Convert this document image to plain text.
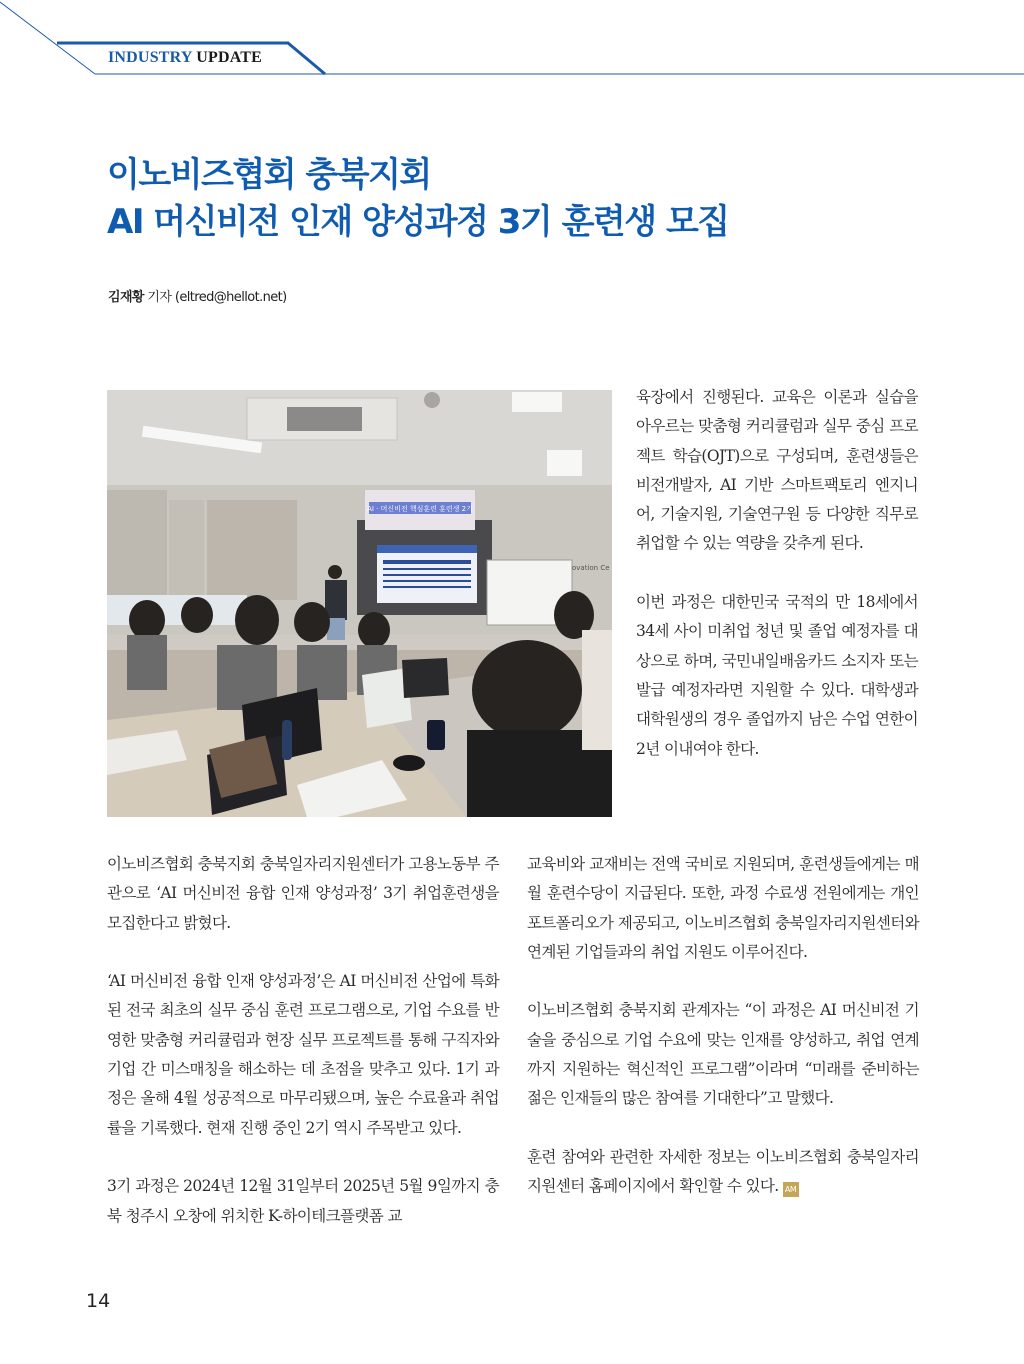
INDUSTRY UPDATE
이노비즈협회 충북지회
AI 머신비전 인재 양성과정 3기 훈련생 모집
김재황 기자 (eltred@hellot.net)
AI · 머신비전 핵심훈련 훈련생 2기
ovation Ce

육장에서 진행된다. 교육은 이론과 실습을 아우르는 맞춤형 커리큘럼과 실무 중심 프로젝트 학습(OJT)으로 구성되며, 훈련생들은 비전개발자, AI 기반 스마트팩토리 엔지니어, 기술지원, 기술연구원 등 다양한 직무로 취업할 수 있는 역량을 갖추게 된다.

이번 과정은 대한민국 국적의 만 18세에서 34세 사이 미취업 청년 및 졸업 예정자를 대상으로 하며, 국민내일배움카드 소지자 또는 발급 예정자라면 지원할 수 있다. 대학생과 대학원생의 경우 졸업까지 남은 수업 연한이 2년 이내여야 한다.

이노비즈협회 충북지회 충북일자리지원센터가 고용노동부 주관으로 ‘AI 머신비전 융합 인재 양성과정’ 3기 취업훈련생을 모집한다고 밝혔다.

‘AI 머신비전 융합 인재 양성과정’은 AI 머신비전 산업에 특화된 전국 최초의 실무 중심 훈련 프로그램으로, 기업 수요를 반영한 맞춤형 커리큘럼과 현장 실무 프로젝트를 통해 구직자와 기업 간 미스매칭을 해소하는 데 초점을 맞추고 있다. 1기 과정은 올해 4월 성공적으로 마무리됐으며, 높은 수료율과 취업률을 기록했다. 현재 진행 중인 2기 역시 주목받고 있다.

3기 과정은 2024년 12월 31일부터 2025년 5월 9일까지 충북 청주시 오창에 위치한 K-하이테크플랫폼 교

교육비와 교재비는 전액 국비로 지원되며, 훈련생들에게는 매월 훈련수당이 지급된다. 또한, 과정 수료생 전원에게는 개인 포트폴리오가 제공되고, 이노비즈협회 충북일자리지원센터와 연계된 기업들과의 취업 지원도 이루어진다.

이노비즈협회 충북지회 관계자는 “이 과정은 AI 머신비전 기술을 중심으로 기업 수요에 맞는 인재를 양성하고, 취업 연계까지 지원하는 혁신적인 프로그램”이라며 “미래를 준비하는 젊은 인재들의 많은 참여를 기대한다”고 말했다.

훈련 참여와 관련한 자세한 정보는 이노비즈협회 충북일자리지원센터 홈페이지에서 확인할 수 있다. AM

14
